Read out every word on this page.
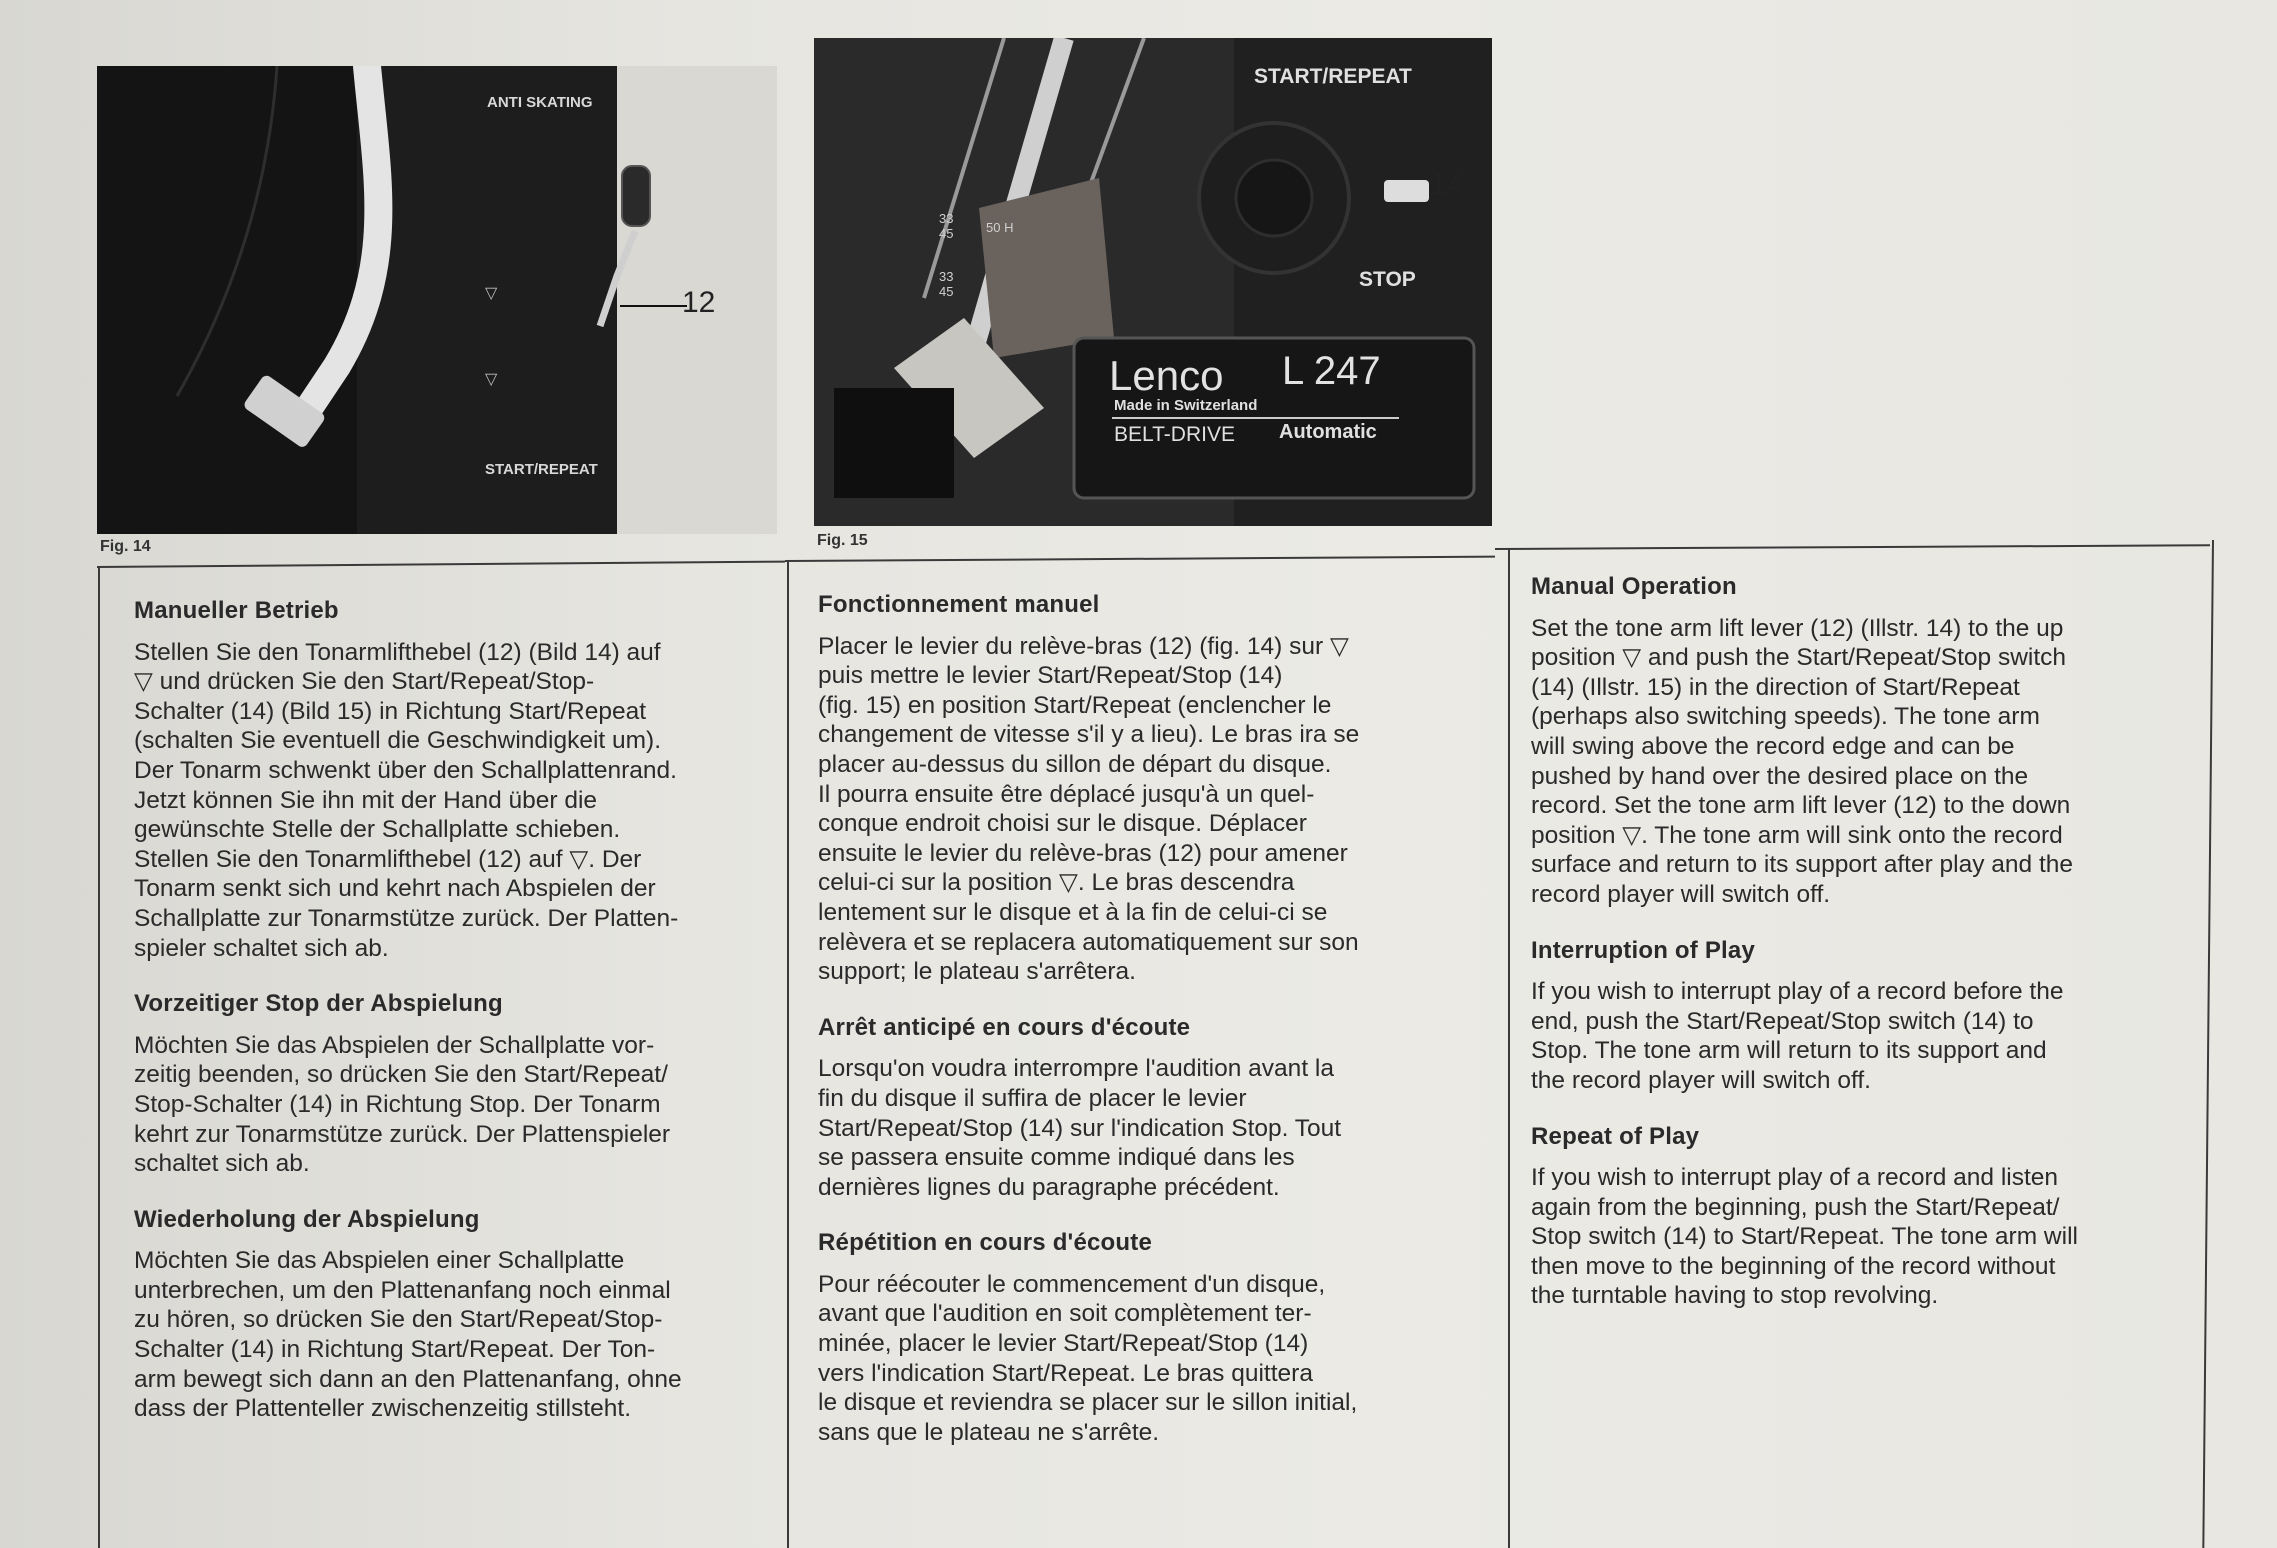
ANTI SKATING
START/REPEAT
▽
▽
12
Fig. 14
START/REPEAT
STOP
Lenco L 247
Made in Switzerland
BELT-DRIVE Automatic
33
45	50 H
33
45
14
Fig. 15
Manueller Betrieb

Stellen Sie den Tonarmlifthebel (12) (Bild 14) auf
▽ und drücken Sie den Start/Repeat/Stop-
Schalter (14) (Bild 15) in Richtung Start/Repeat
(schalten Sie eventuell die Geschwindigkeit um).
Der Tonarm schwenkt über den Schallplattenrand.
Jetzt können Sie ihn mit der Hand über die
gewünschte Stelle der Schallplatte schieben.
Stellen Sie den Tonarmlifthebel (12) auf ▽. Der
Tonarm senkt sich und kehrt nach Abspielen der
Schallplatte zur Tonarmstütze zurück. Der Platten-
spieler schaltet sich ab.

Vorzeitiger Stop der Abspielung

Möchten Sie das Abspielen der Schallplatte vor-
zeitig beenden, so drücken Sie den Start/Repeat/
Stop-Schalter (14) in Richtung Stop. Der Tonarm
kehrt zur Tonarmstütze zurück. Der Plattenspieler
schaltet sich ab.

Wiederholung der Abspielung

Möchten Sie das Abspielen einer Schallplatte
unterbrechen, um den Plattenanfang noch einmal
zu hören, so drücken Sie den Start/Repeat/Stop-
Schalter (14) in Richtung Start/Repeat. Der Ton-
arm bewegt sich dann an den Plattenanfang, ohne
dass der Plattenteller zwischenzeitig stillsteht.

Fonctionnement manuel

Placer le levier du relève-bras (12) (fig. 14) sur ▽
puis mettre le levier Start/Repeat/Stop (14)
(fig. 15) en position Start/Repeat (enclencher le
changement de vitesse s'il y a lieu). Le bras ira se
placer au-dessus du sillon de départ du disque.
Il pourra ensuite être déplacé jusqu'à un quel-
conque endroit choisi sur le disque. Déplacer
ensuite le levier du relève-bras (12) pour amener
celui-ci sur la position ▽. Le bras descendra
lentement sur le disque et à la fin de celui-ci se
relèvera et se replacera automatiquement sur son
support; le plateau s'arrêtera.

Arrêt anticipé en cours d'écoute

Lorsqu'on voudra interrompre l'audition avant la
fin du disque il suffira de placer le levier
Start/Repeat/Stop (14) sur l'indication Stop. Tout
se passera ensuite comme indiqué dans les
dernières lignes du paragraphe précédent.

Répétition en cours d'écoute

Pour réécouter le commencement d'un disque,
avant que l'audition en soit complètement ter-
minée, placer le levier Start/Repeat/Stop (14)
vers l'indication Start/Repeat. Le bras quittera
le disque et reviendra se placer sur le sillon initial,
sans que le plateau ne s'arrête.

Manual Operation

Set the tone arm lift lever (12) (Illstr. 14) to the up
position ▽ and push the Start/Repeat/Stop switch
(14) (Illstr. 15) in the direction of Start/Repeat
(perhaps also switching speeds). The tone arm
will swing above the record edge and can be
pushed by hand over the desired place on the
record. Set the tone arm lift lever (12) to the down
position ▽. The tone arm will sink onto the record
surface and return to its support after play and the
record player will switch off.

Interruption of Play

If you wish to interrupt play of a record before the
end, push the Start/Repeat/Stop switch (14) to
Stop. The tone arm will return to its support and
the record player will switch off.

Repeat of Play

If you wish to interrupt play of a record and listen
again from the beginning, push the Start/Repeat/
Stop switch (14) to Start/Repeat. The tone arm will
then move to the beginning of the record without
the turntable having to stop revolving.
